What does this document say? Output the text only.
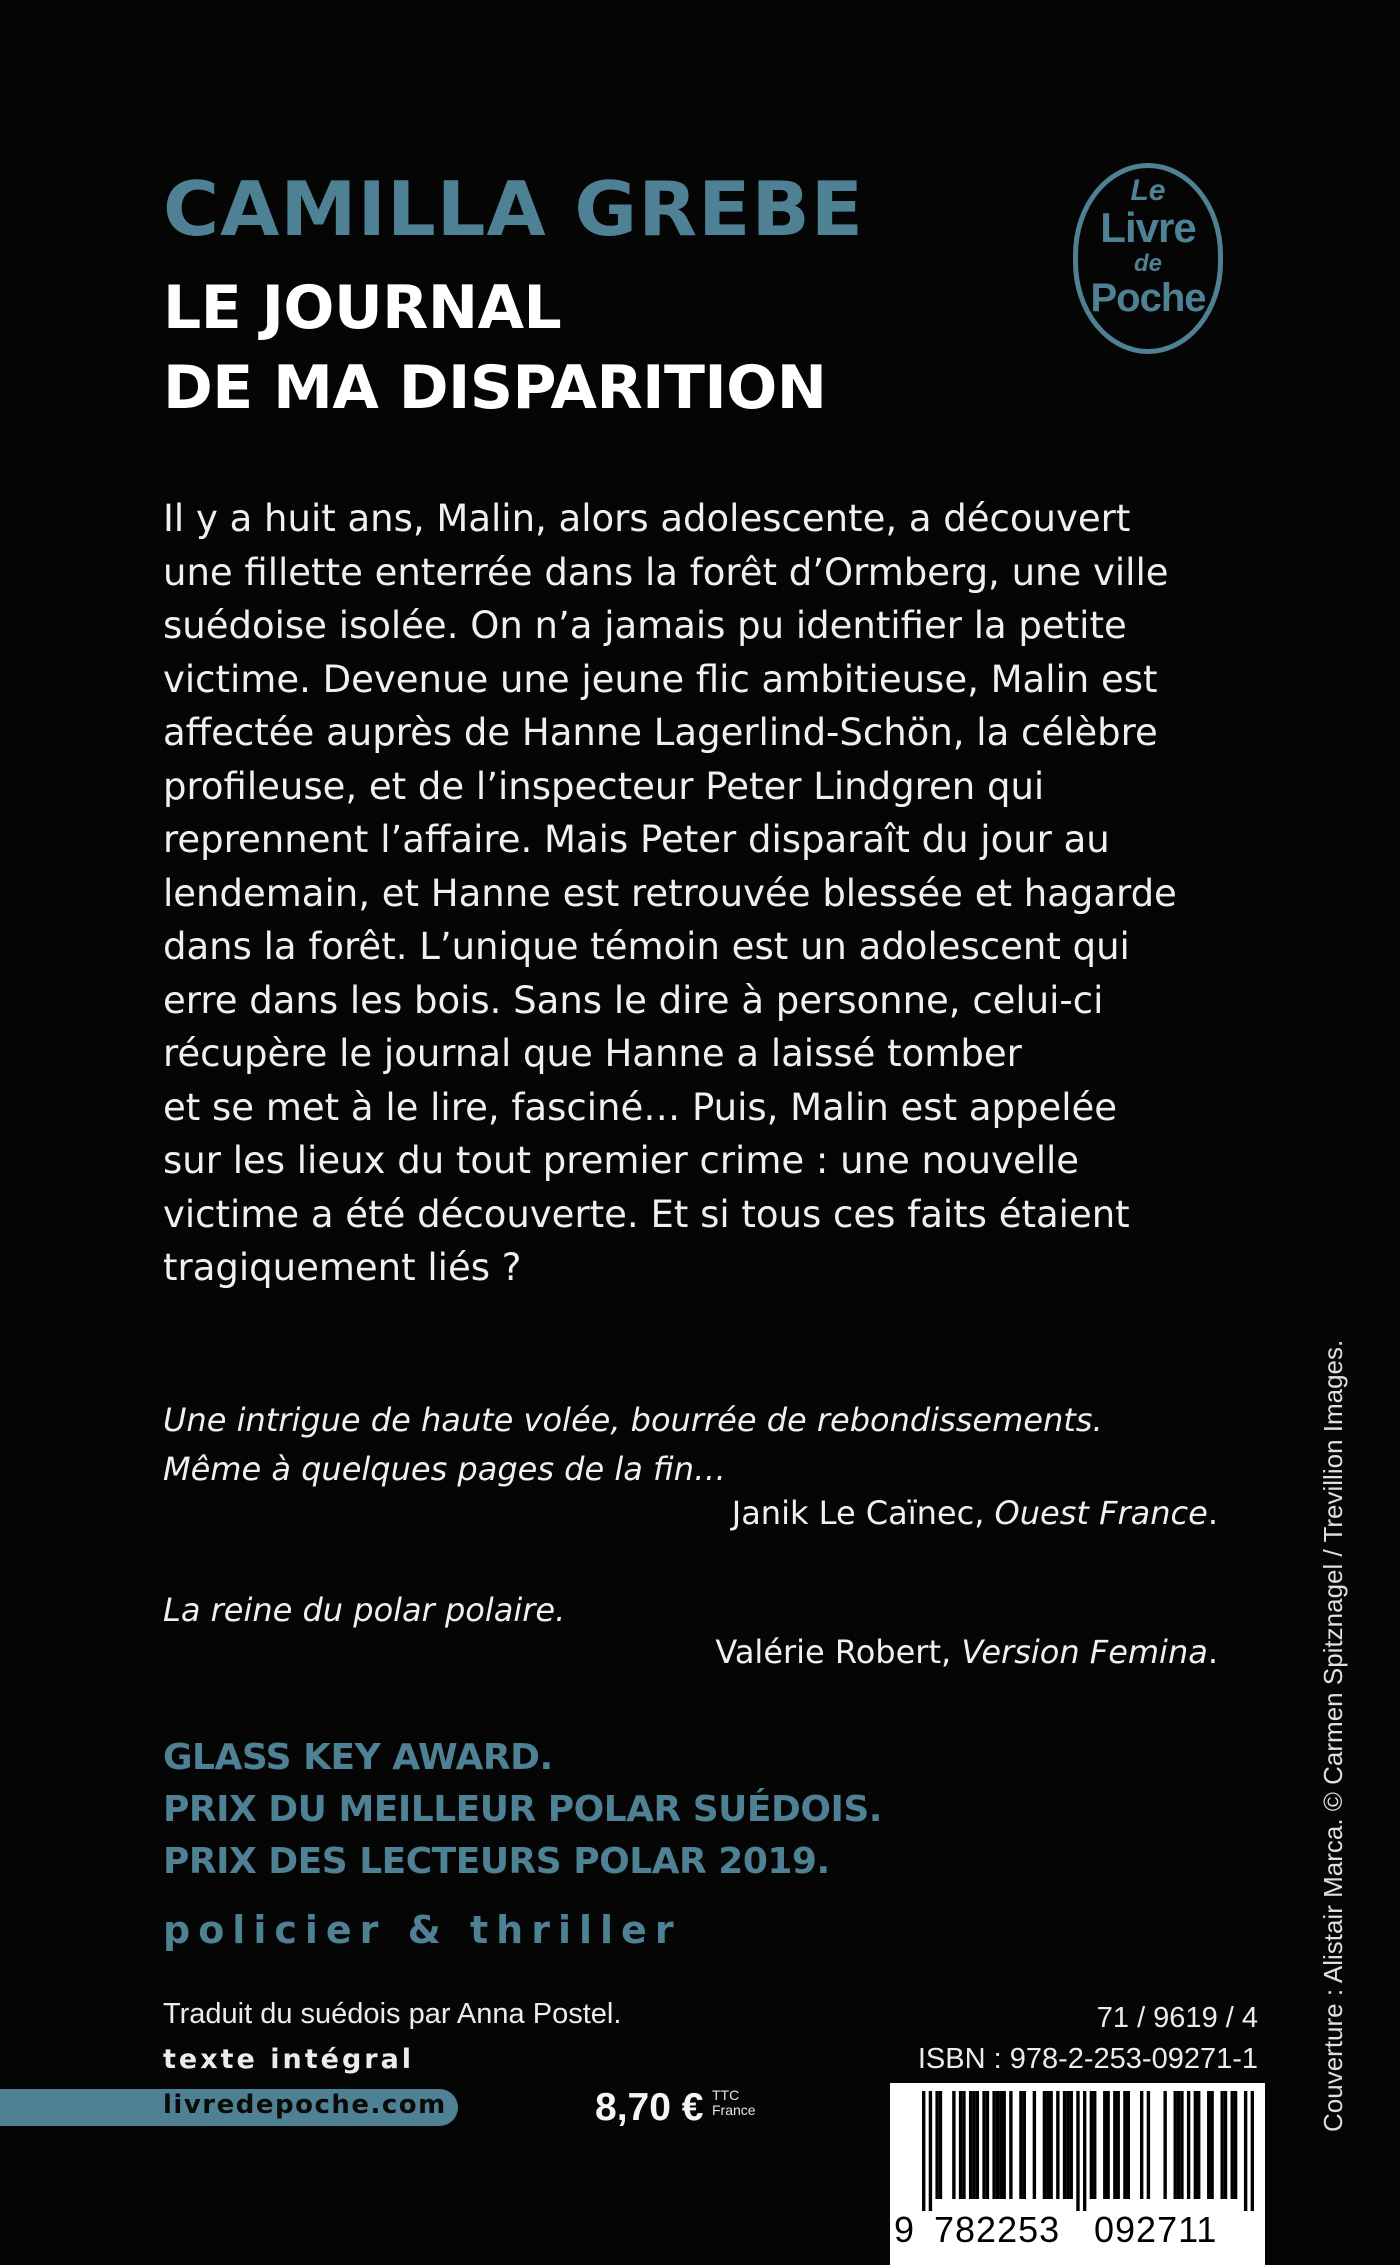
CAMILLA GREBE
LE JOURNAL
DE MA DISPARITION
Le
Livre
de
Poche
Il y a huit ans, Malin, alors adolescente, a découvert
une fillette enterrée dans la forêt d’Ormberg, une ville
suédoise isolée. On n’a jamais pu identifier la petite
victime. Devenue une jeune flic ambitieuse, Malin est
affectée auprès de Hanne Lagerlind-Schön, la célèbre
profileuse, et de l’inspecteur Peter Lindgren qui
reprennent l’affaire. Mais Peter disparaît du jour au
lendemain, et Hanne est retrouvée blessée et hagarde
dans la forêt. L’unique témoin est un adolescent qui
erre dans les bois. Sans le dire à personne, celui-ci
récupère le journal que Hanne a laissé tomber
et se met à le lire, fasciné… Puis, Malin est appelée
sur les lieux du tout premier crime : une nouvelle
victime a été découverte. Et si tous ces faits étaient
tragiquement liés ?
Une intrigue de haute volée, bourrée de rebondissements.
Même à quelques pages de la fin…
Janik Le Caïnec, Ouest France.
La reine du polar polaire.
Valérie Robert, Version Femina.
GLASS KEY AWARD.
PRIX DU MEILLEUR POLAR SUÉDOIS.
PRIX DES LECTEURS POLAR 2019.
policier & thriller
Traduit du suédois par Anna Postel.
texte intégral
livredepoche.com	8,70 € TTC
France
71 / 9619 / 4
ISBN : 978-2-253-09271-1
9 782253 092711
Couverture : Alistair Marca. © Carmen Spitznagel / Trevillion Images.
